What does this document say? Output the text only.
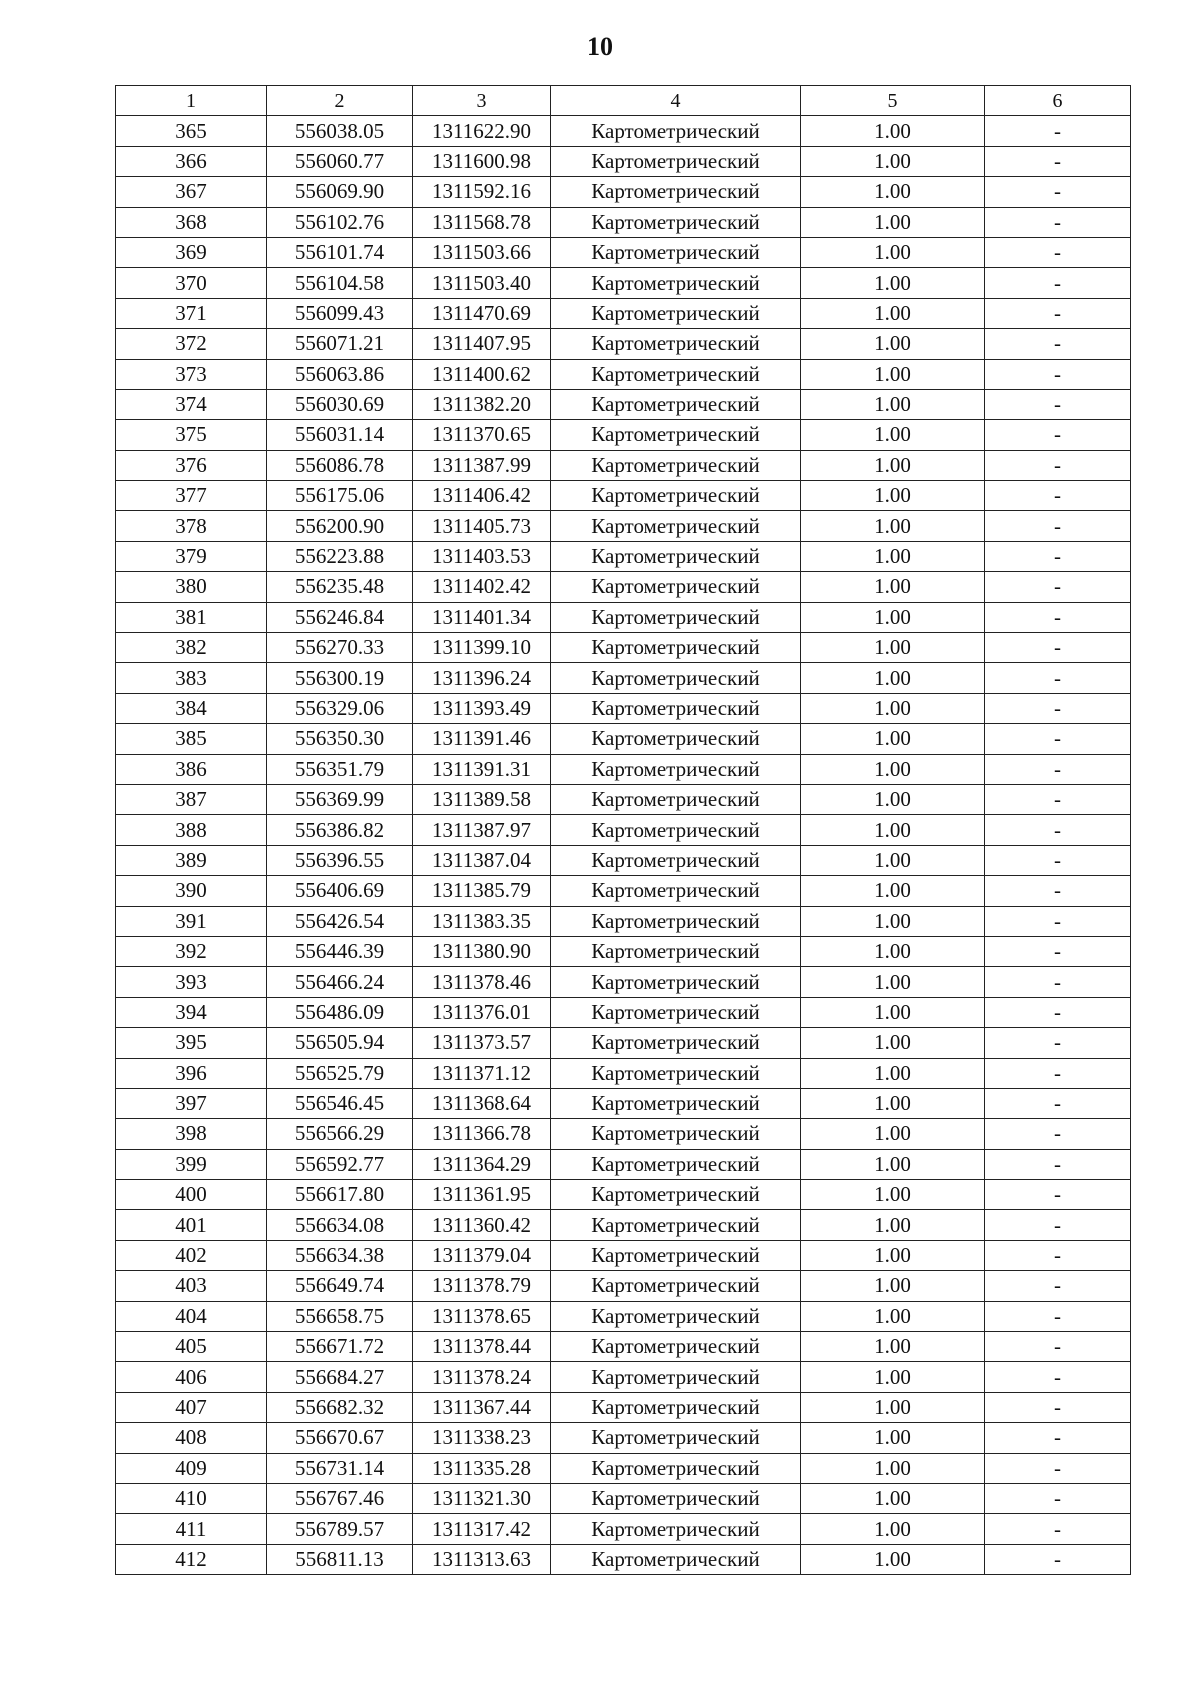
10
1	2	3	4	5	6
365	556038.05	1311622.90	Картометрический	1.00	-
366	556060.77	1311600.98	Картометрический	1.00	-
367	556069.90	1311592.16	Картометрический	1.00	-
368	556102.76	1311568.78	Картометрический	1.00	-
369	556101.74	1311503.66	Картометрический	1.00	-
370	556104.58	1311503.40	Картометрический	1.00	-
371	556099.43	1311470.69	Картометрический	1.00	-
372	556071.21	1311407.95	Картометрический	1.00	-
373	556063.86	1311400.62	Картометрический	1.00	-
374	556030.69	1311382.20	Картометрический	1.00	-
375	556031.14	1311370.65	Картометрический	1.00	-
376	556086.78	1311387.99	Картометрический	1.00	-
377	556175.06	1311406.42	Картометрический	1.00	-
378	556200.90	1311405.73	Картометрический	1.00	-
379	556223.88	1311403.53	Картометрический	1.00	-
380	556235.48	1311402.42	Картометрический	1.00	-
381	556246.84	1311401.34	Картометрический	1.00	-
382	556270.33	1311399.10	Картометрический	1.00	-
383	556300.19	1311396.24	Картометрический	1.00	-
384	556329.06	1311393.49	Картометрический	1.00	-
385	556350.30	1311391.46	Картометрический	1.00	-
386	556351.79	1311391.31	Картометрический	1.00	-
387	556369.99	1311389.58	Картометрический	1.00	-
388	556386.82	1311387.97	Картометрический	1.00	-
389	556396.55	1311387.04	Картометрический	1.00	-
390	556406.69	1311385.79	Картометрический	1.00	-
391	556426.54	1311383.35	Картометрический	1.00	-
392	556446.39	1311380.90	Картометрический	1.00	-
393	556466.24	1311378.46	Картометрический	1.00	-
394	556486.09	1311376.01	Картометрический	1.00	-
395	556505.94	1311373.57	Картометрический	1.00	-
396	556525.79	1311371.12	Картометрический	1.00	-
397	556546.45	1311368.64	Картометрический	1.00	-
398	556566.29	1311366.78	Картометрический	1.00	-
399	556592.77	1311364.29	Картометрический	1.00	-
400	556617.80	1311361.95	Картометрический	1.00	-
401	556634.08	1311360.42	Картометрический	1.00	-
402	556634.38	1311379.04	Картометрический	1.00	-
403	556649.74	1311378.79	Картометрический	1.00	-
404	556658.75	1311378.65	Картометрический	1.00	-
405	556671.72	1311378.44	Картометрический	1.00	-
406	556684.27	1311378.24	Картометрический	1.00	-
407	556682.32	1311367.44	Картометрический	1.00	-
408	556670.67	1311338.23	Картометрический	1.00	-
409	556731.14	1311335.28	Картометрический	1.00	-
410	556767.46	1311321.30	Картометрический	1.00	-
411	556789.57	1311317.42	Картометрический	1.00	-
412	556811.13	1311313.63	Картометрический	1.00	-
